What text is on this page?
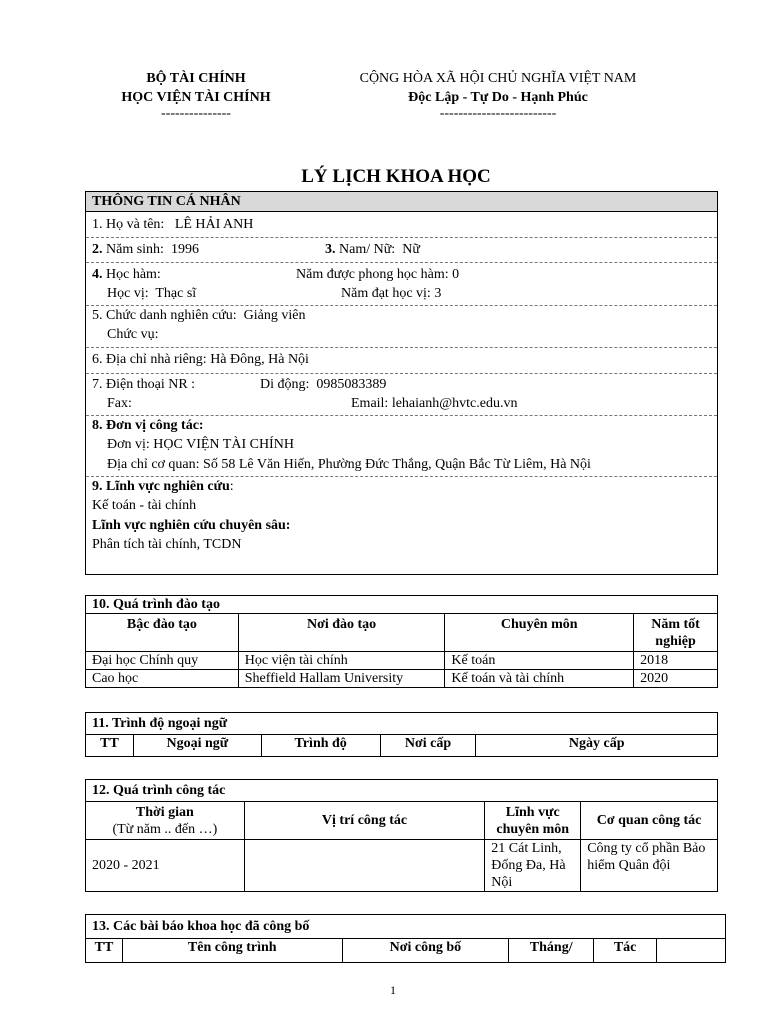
BỘ TÀI CHÍNH
HỌC VIỆN TÀI CHÍNH
---------------
CỘNG HÒA XÃ HỘI CHỦ NGHĨA VIỆT NAM
Độc Lập - Tự Do - Hạnh Phúc
-------------------------
LÝ LỊCH KHOA HỌC
THÔNG TIN CÁ NHÂN
1. Họ và tên: LÊ HẢI ANH
2. Năm sinh: 1996	3. Nam/ Nữ: Nữ
4. Học hàm:	Năm được phong học hàm: 0
Học vị: Thạc sĩ	Năm đạt học vị: 3
5. Chức danh nghiên cứu: Giảng viên
Chức vụ:
6. Địa chỉ nhà riêng: Hà Đông, Hà Nội
7. Điện thoại NR :	Di động: 0985083389
Fax:	Email: lehaianh@hvtc.edu.vn
8. Đơn vị công tác:
Đơn vị: HỌC VIỆN TÀI CHÍNH
Địa chỉ cơ quan: Số 58 Lê Văn Hiến, Phường Đức Thắng, Quận Bắc Từ Liêm, Hà Nội
9. Lĩnh vực nghiên cứu:
Kế toán - tài chính
Lĩnh vực nghiên cứu chuyên sâu:
Phân tích tài chính, TCDN
10. Quá trình đào tạo			
Bậc đào tạo	Nơi đào tạo	Chuyên môn	Năm tốt nghiệp
Đại học Chính quy	Học viện tài chính	Kế toán	2018
Cao học	Sheffield Hallam University	Kế toán và tài chính	2020
11. Trình độ ngoại ngữ
TT	Ngoại ngữ	Trình độ	Nơi cấp	Ngày cấp
12. Quá trình công tác			

Thời gian
(Từ năm .. đến …)	Vị trí công tác	Lĩnh vực chuyên môn	Cơ quan công tác
2020 - 2021		21 Cát Linh, Đống Đa, Hà Nội	Công ty cổ phần Bảo hiểm Quân đội
13. Các bài báo khoa học đã công bố
TT	Tên công trình	Nơi công bố	Tháng/	Tác	
1
